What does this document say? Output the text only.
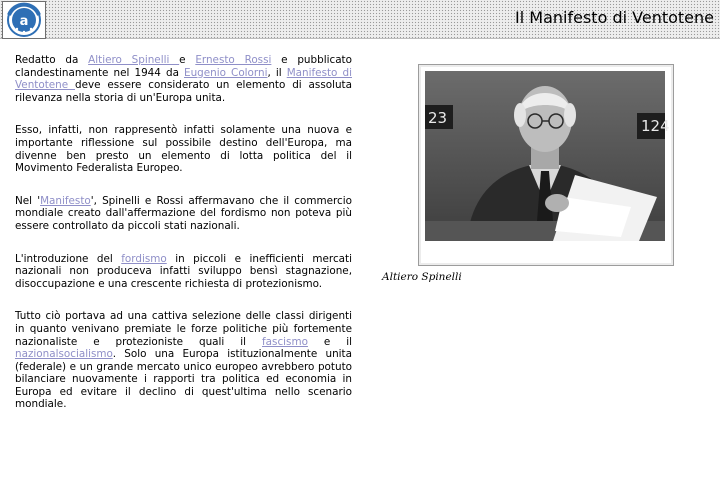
a	Il Manifesto di Ventotene

Redatto da Altiero Spinelli e Ernesto Rossi e pubblicato clandestinamente nel 1944 da Eugenio Colorni, il Manifesto di Ventotene deve essere considerato un elemento di assoluta rilevanza nella storia di un'Europa unita.

Esso, infatti, non rappresentò infatti solamente una nuova e importante riflessione sul possibile destino dell'Europa, ma divenne ben presto un elemento di lotta politica del il Movimento Federalista Europeo.

Nel 'Manifesto', Spinelli e Rossi affermavano che il commercio mondiale creato dall'affermazione del fordismo non poteva più essere controllato da piccoli stati nazionali.

L'introduzione del fordismo in piccoli e inefficienti mercati nazionali non produceva infatti sviluppo bensì stagnazione, disoccupazione e una crescente richiesta di protezionismo.

Tutto ciò portava ad una cattiva selezione delle classi dirigenti in quanto venivano premiate le forze politiche più fortemente nazionaliste e protezioniste quali il fascismo e il nazionalsocialismo. Solo una Europa istituzionalmente unita (federale) e un grande mercato unico europeo avrebbero potuto bilanciare nuovamente i rapporti tra politica ed economia in Europa ed evitare il declino di quest'ultima nello scenario mondiale.

23	124
Altiero Spinelli
